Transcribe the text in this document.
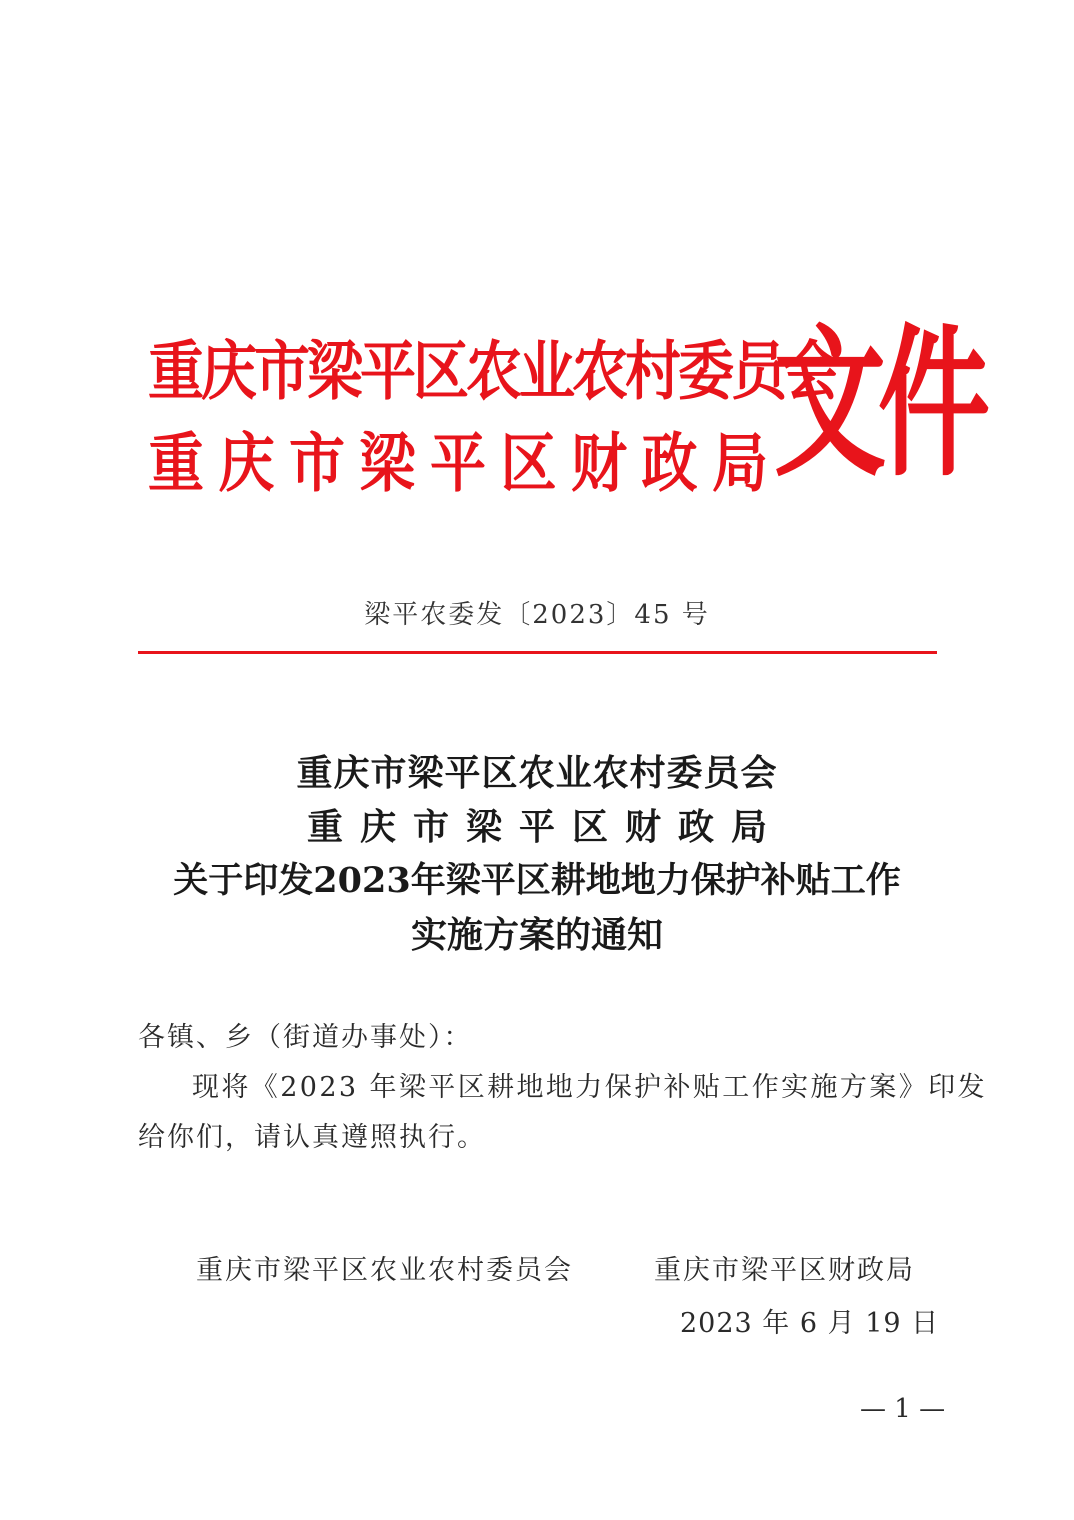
重庆市梁平区农业农村委员会
重庆市梁平区财政局
文件
梁平农委发〔2023〕45 号
重庆市梁平区农业农村委员会
重庆市梁平区财政局
关于印发2023年梁平区耕地地力保护补贴工作
实施方案的通知
各镇、乡（街道办事处）：
现将《2023 年梁平区耕地地力保护补贴工作实施方案》印发
给你们，请认真遵照执行。
重庆市梁平区农业农村委员会	重庆市梁平区财政局
2023 年 6 月 19 日
— 1 —
